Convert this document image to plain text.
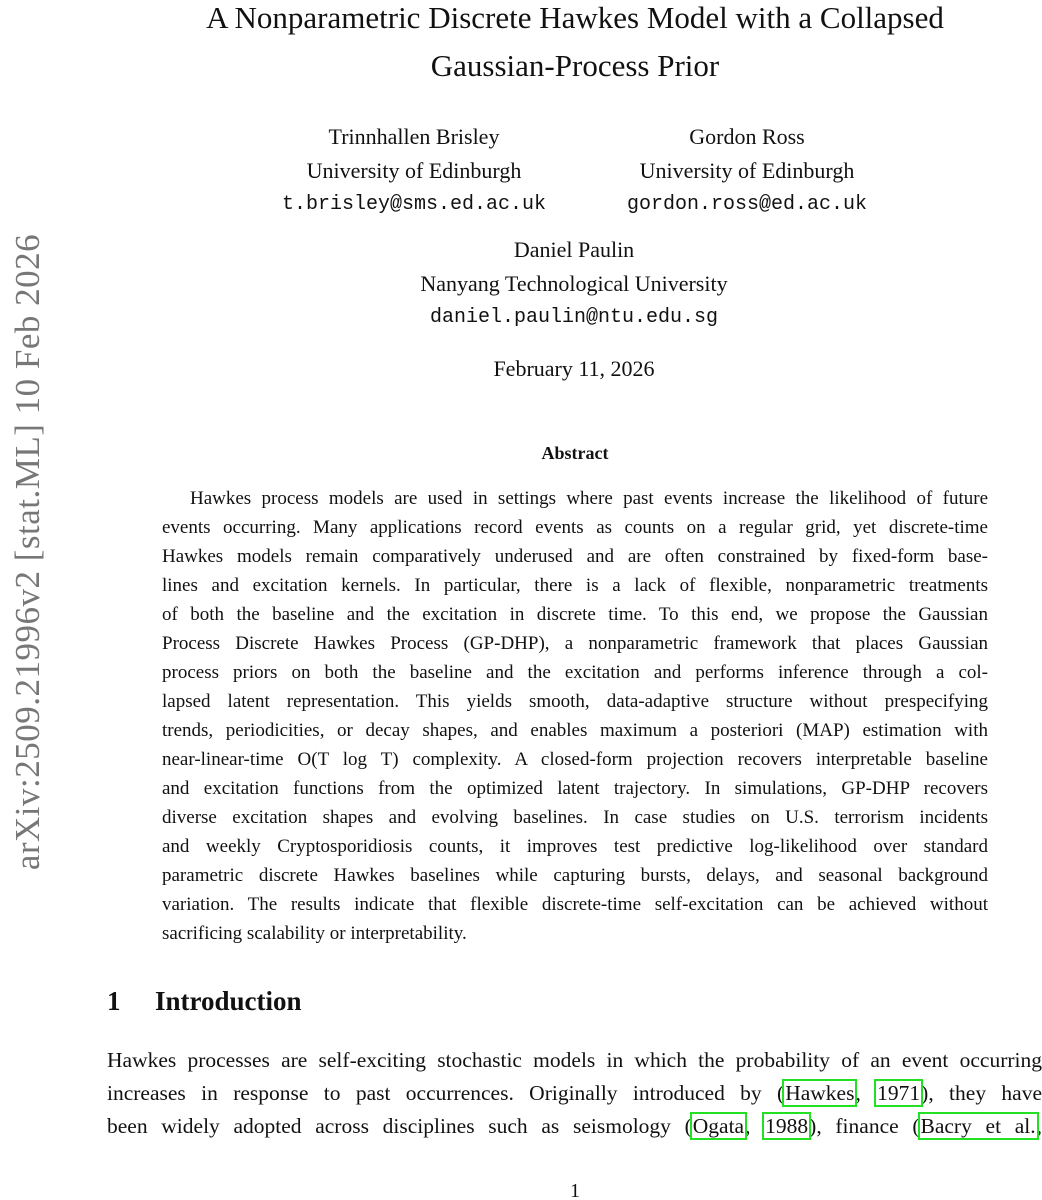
arXiv:2509.21996v2 [stat.ML] 10 Feb 2026
A Nonparametric Discrete Hawkes Model with a Collapsed
Gaussian-Process Prior
Trinnhallen Brisley
University of Edinburgh
t.brisley@sms.ed.ac.uk
Gordon Ross
University of Edinburgh
gordon.ross@ed.ac.uk
Daniel Paulin
Nanyang Technological University
daniel.paulin@ntu.edu.sg
February 11, 2026
Abstract
Hawkes process models are used in settings where past events increase the likelihood of future
events occurring. Many applications record events as counts on a regular grid, yet discrete-time
Hawkes models remain comparatively underused and are often constrained by fixed-form base-
lines and excitation kernels. In particular, there is a lack of flexible, nonparametric treatments
of both the baseline and the excitation in discrete time. To this end, we propose the Gaussian
Process Discrete Hawkes Process (GP-DHP), a nonparametric framework that places Gaussian
process priors on both the baseline and the excitation and performs inference through a col-
lapsed latent representation. This yields smooth, data-adaptive structure without prespecifying
trends, periodicities, or decay shapes, and enables maximum a posteriori (MAP) estimation with
near-linear-time O(T log T) complexity. A closed-form projection recovers interpretable baseline
and excitation functions from the optimized latent trajectory. In simulations, GP-DHP recovers
diverse excitation shapes and evolving baselines. In case studies on U.S. terrorism incidents
and weekly Cryptosporidiosis counts, it improves test predictive log-likelihood over standard
parametric discrete Hawkes baselines while capturing bursts, delays, and seasonal background
variation. The results indicate that flexible discrete-time self-excitation can be achieved without
sacrificing scalability or interpretability.
1 Introduction
Hawkes processes are self-exciting stochastic models in which the probability of an event occurring
increases in response to past occurrences. Originally introduced by (Hawkes, 1971), they have
been widely adopted across disciplines such as seismology (Ogata, 1988), finance (Bacry et al.,
1
